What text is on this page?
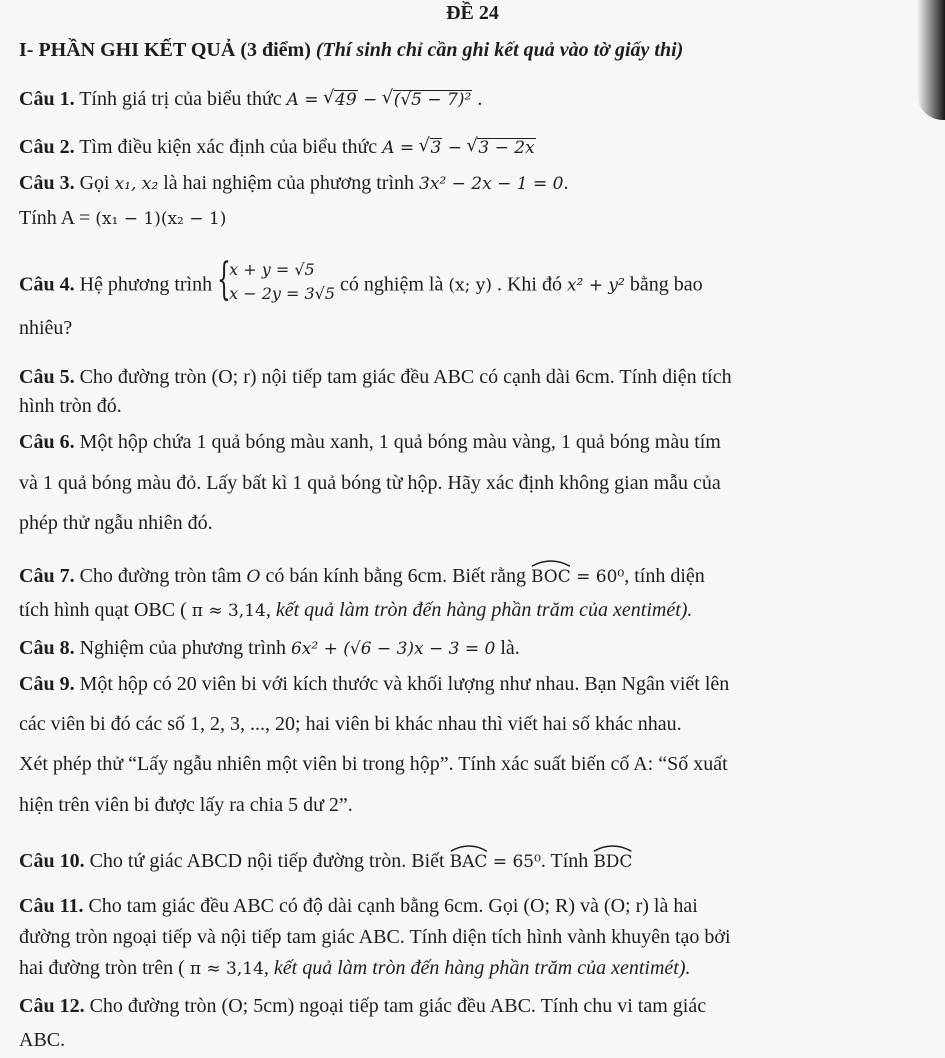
ĐỀ 24
I- PHẦN GHI KẾT QUẢ (3 điểm) (Thí sinh chỉ cần ghi kết quả vào tờ giấy thi)
Câu 1. Tính giá trị của biểu thức A = √ 49 − √ (√5 − 7)² .
Câu 2. Tìm điều kiện xác định của biểu thức A = √ 3 − √ 3 − 2x
Câu 3. Gọi x₁, x₂ là hai nghiệm của phương trình 3x² − 2x − 1 = 0.
Tính A = (x₁ − 1)(x₂ − 1)
Câu 4. Hệ phương trình {
x + y = √5
x − 2y = 3√5 có nghiệm là (x; y) . Khi đó x² + y² bằng bao
nhiêu?
Câu 5. Cho đường tròn (O; r) nội tiếp tam giác đều ABC có cạnh dài 6cm. Tính diện tích
hình tròn đó.
Câu 6. Một hộp chứa 1 quả bóng màu xanh, 1 quả bóng màu vàng, 1 quả bóng màu tím
và 1 quả bóng màu đỏ. Lấy bất kì 1 quả bóng từ hộp. Hãy xác định không gian mẫu của
phép thử ngẫu nhiên đó.
Câu 7. Cho đường tròn tâm O có bán kính bằng 6cm. Biết rằng
BOC = 60⁰, tính diện
tích hình quạt OBC ( π ≈ 3,14, kết quả làm tròn đến hàng phần trăm của xentimét).
Câu 8. Nghiệm của phương trình 6x² + (√6 − 3)x − 3 = 0 là.
Câu 9. Một hộp có 20 viên bi với kích thước và khối lượng như nhau. Bạn Ngân viết lên
các viên bi đó các số 1, 2, 3, ..., 20; hai viên bi khác nhau thì viết hai số khác nhau.
Xét phép thử “Lấy ngẫu nhiên một viên bi trong hộp”. Tính xác suất biến cố A: “Số xuất
hiện trên viên bi được lấy ra chia 5 dư 2”.
Câu 10. Cho tứ giác ABCD nội tiếp đường tròn. Biết
BAC = 65⁰. Tính
BDC
Câu 11. Cho tam giác đều ABC có độ dài cạnh bằng 6cm. Gọi (O; R) và (O; r) là hai
đường tròn ngoại tiếp và nội tiếp tam giác ABC. Tính diện tích hình vành khuyên tạo bởi
hai đường tròn trên ( π ≈ 3,14, kết quả làm tròn đến hàng phần trăm của xentimét).
Câu 12. Cho đường tròn (O; 5cm) ngoại tiếp tam giác đều ABC. Tính chu vi tam giác
ABC.
